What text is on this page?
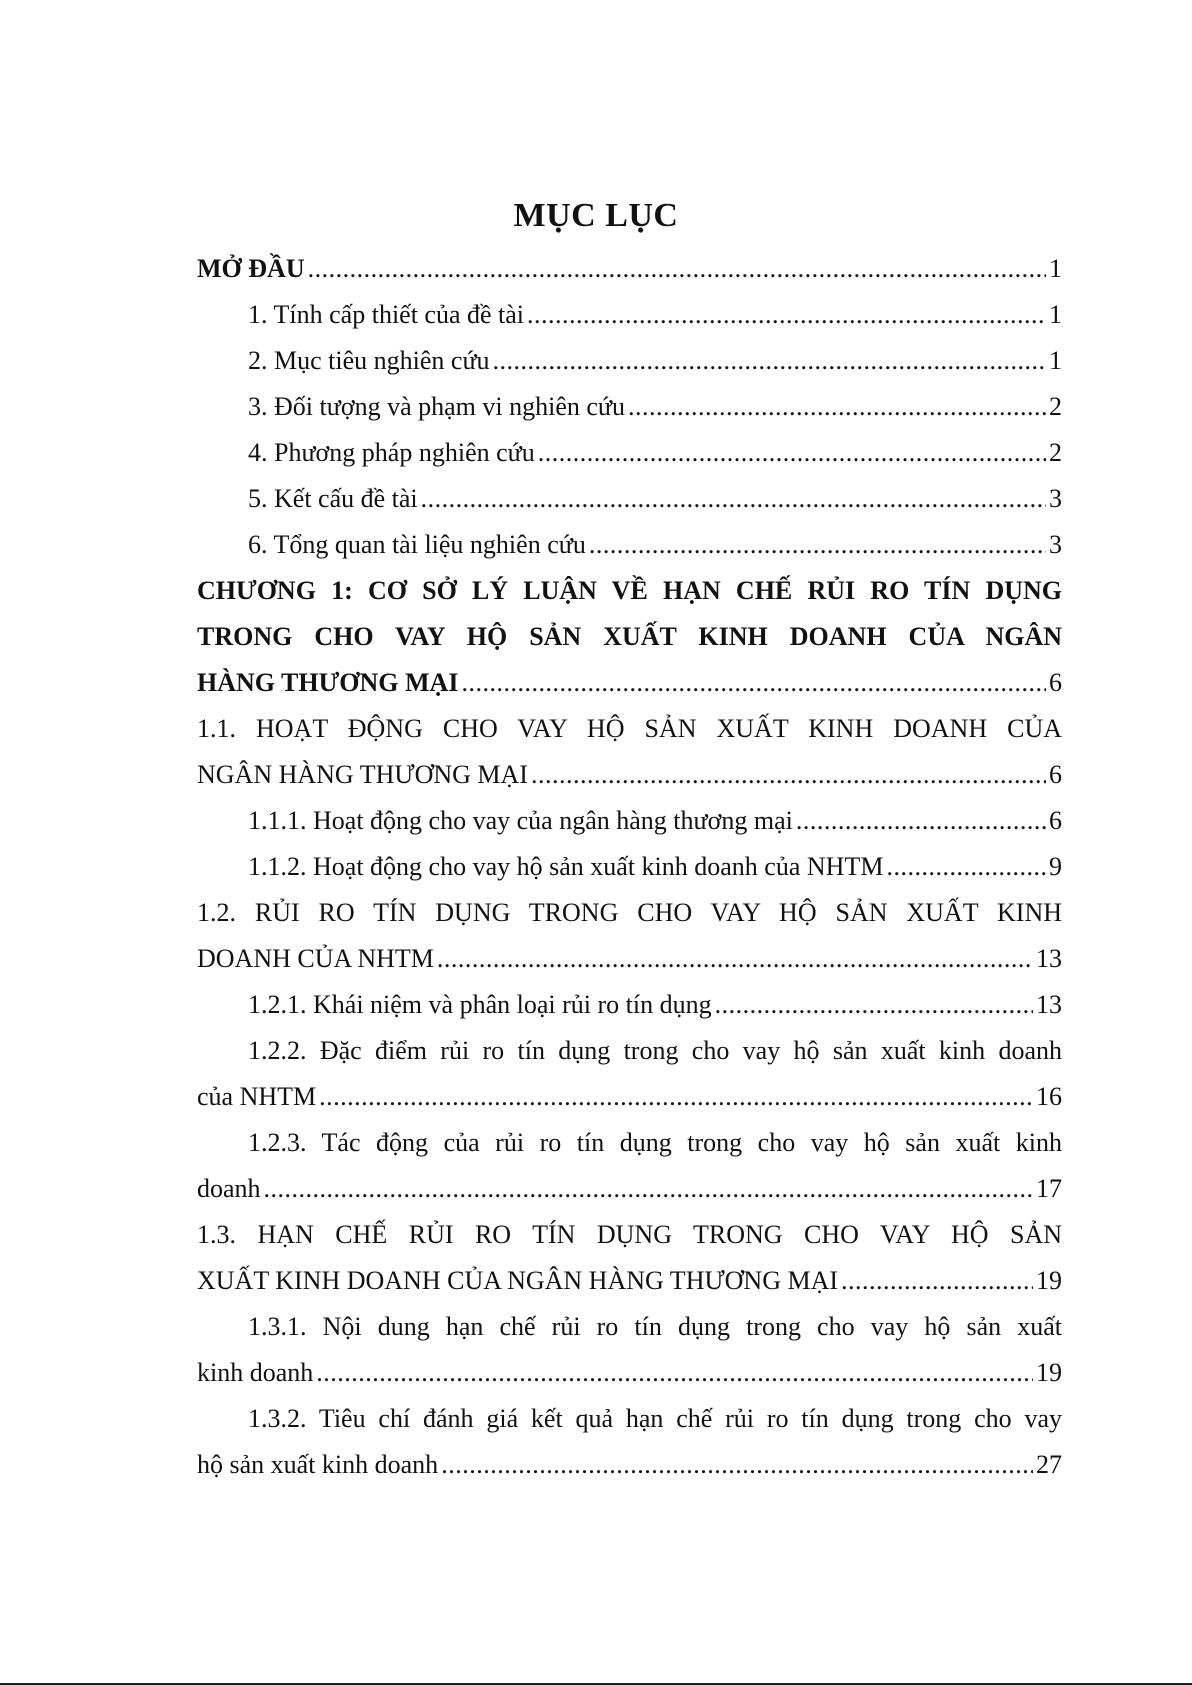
MỤC LỤC
MỞ ĐẦU .....	1
1. Tính cấp thiết của đề tài .....	1
2. Mục tiêu nghiên cứu .....	1
3. Đối tượng và phạm vi nghiên cứu .....	2
4. Phương pháp nghiên cứu .....	2
5. Kết cấu đề tài .....	3
6. Tổng quan tài liệu nghiên cứu .....	3
CHƯƠNG 1: CƠ SỞ LÝ LUẬN VỀ HẠN CHẾ RỦI RO TÍN DỤNG
TRONG CHO VAY HỘ SẢN XUẤT KINH DOANH CỦA NGÂN
HÀNG THƯƠNG MẠI .....	6
1.1. HOẠT ĐỘNG CHO VAY HỘ SẢN XUẤT KINH DOANH CỦA
NGÂN HÀNG THƯƠNG MẠI .....	6
1.1.1. Hoạt động cho vay của ngân hàng thương mại .....	6
1.1.2. Hoạt động cho vay hộ sản xuất kinh doanh của NHTM .....	9
1.2. RỦI RO TÍN DỤNG TRONG CHO VAY HỘ SẢN XUẤT KINH
DOANH CỦA NHTM .....	13
1.2.1. Khái niệm và phân loại rủi ro tín dụng .....	13
1.2.2. Đặc điểm rủi ro tín dụng trong cho vay hộ sản xuất kinh doanh
của NHTM .....	16
1.2.3. Tác động của rủi ro tín dụng trong cho vay hộ sản xuất kinh
doanh .....	17
1.3. HẠN CHẾ RỦI RO TÍN DỤNG TRONG CHO VAY HỘ SẢN
XUẤT KINH DOANH CỦA NGÂN HÀNG THƯƠNG MẠI .....	19
1.3.1. Nội dung hạn chế rủi ro tín dụng trong cho vay hộ sản xuất
kinh doanh .....	19
1.3.2. Tiêu chí đánh giá kết quả hạn chế rủi ro tín dụng trong cho vay
hộ sản xuất kinh doanh .....	27
